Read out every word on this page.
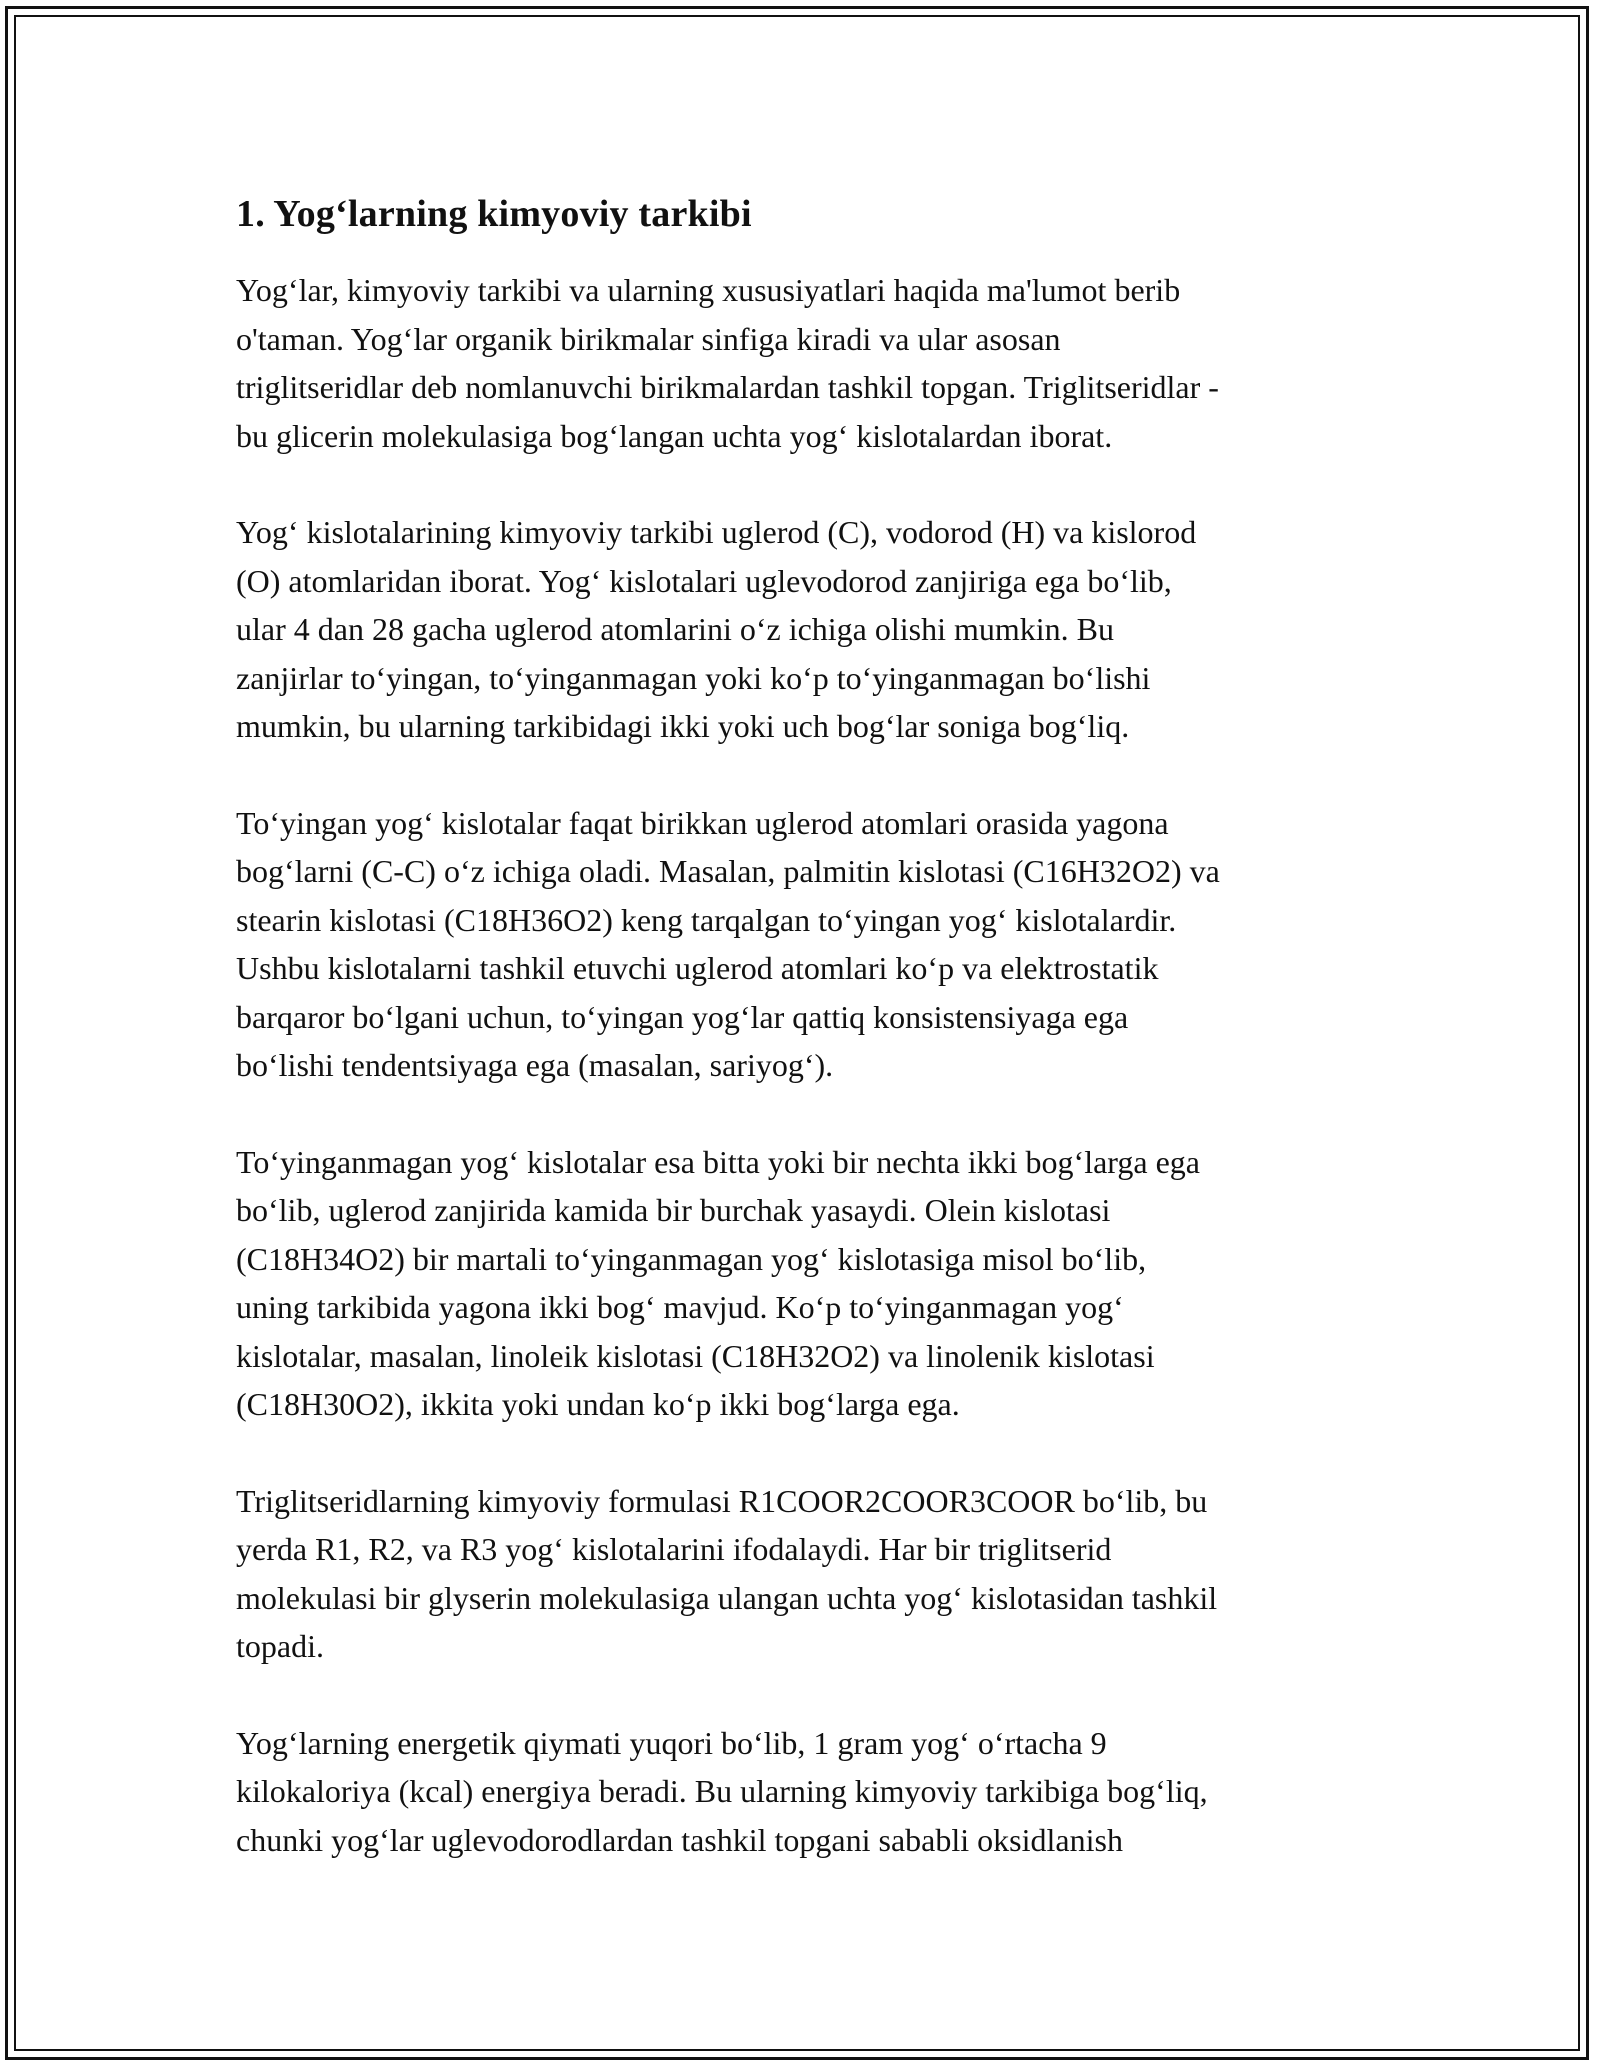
1. Yog‘larning kimyoviy tarkibi

Yog‘lar, kimyoviy tarkibi va ularning xususiyatlari haqida ma'lumot berib
o'taman. Yog‘lar organik birikmalar sinfiga kiradi va ular asosan
triglitseridlar deb nomlanuvchi birikmalardan tashkil topgan. Triglitseridlar -
bu glicerin molekulasiga bog‘langan uchta yog‘ kislotalardan iborat.

Yog‘ kislotalarining kimyoviy tarkibi uglerod (C), vodorod (H) va kislorod
(O) atomlaridan iborat. Yog‘ kislotalari uglevodorod zanjiriga ega bo‘lib,
ular 4 dan 28 gacha uglerod atomlarini o‘z ichiga olishi mumkin. Bu
zanjirlar to‘yingan, to‘yinganmagan yoki ko‘p to‘yinganmagan bo‘lishi
mumkin, bu ularning tarkibidagi ikki yoki uch bog‘lar soniga bog‘liq.

To‘yingan yog‘ kislotalar faqat birikkan uglerod atomlari orasida yagona
bog‘larni (C-C) o‘z ichiga oladi. Masalan, palmitin kislotasi (C16H32O2) va
stearin kislotasi (C18H36O2) keng tarqalgan to‘yingan yog‘ kislotalardir.
Ushbu kislotalarni tashkil etuvchi uglerod atomlari ko‘p va elektrostatik
barqaror bo‘lgani uchun, to‘yingan yog‘lar qattiq konsistensiyaga ega
bo‘lishi tendentsiyaga ega (masalan, sariyog‘).

To‘yinganmagan yog‘ kislotalar esa bitta yoki bir nechta ikki bog‘larga ega
bo‘lib, uglerod zanjirida kamida bir burchak yasaydi. Olein kislotasi
(C18H34O2) bir martali to‘yinganmagan yog‘ kislotasiga misol bo‘lib,
uning tarkibida yagona ikki bog‘ mavjud. Ko‘p to‘yinganmagan yog‘
kislotalar, masalan, linoleik kislotasi (C18H32O2) va linolenik kislotasi
(C18H30O2), ikkita yoki undan ko‘p ikki bog‘larga ega.

Triglitseridlarning kimyoviy formulasi R1COOR2COOR3COOR bo‘lib, bu
yerda R1, R2, va R3 yog‘ kislotalarini ifodalaydi. Har bir triglitserid
molekulasi bir glyserin molekulasiga ulangan uchta yog‘ kislotasidan tashkil
topadi.

Yog‘larning energetik qiymati yuqori bo‘lib, 1 gram yog‘ o‘rtacha 9
kilokaloriya (kcal) energiya beradi. Bu ularning kimyoviy tarkibiga bog‘liq,
chunki yog‘lar uglevodorodlardan tashkil topgani sababli oksidlanish
